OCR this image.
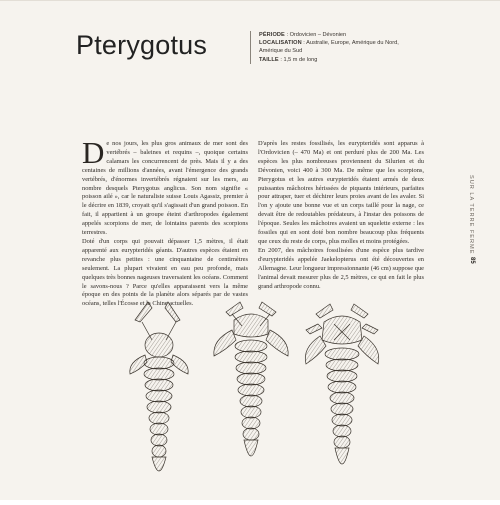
Pterygotus	PÉRIODE : Ordovicien – Dévonien
LOCALISATION : Australie, Europe, Amérique du Nord, Amérique du Sud
TAILLE : 1,5 m de long

De nos jours, les plus gros animaux de mer sont des vertébrés – baleines et requins –, quoique certains calamars les concurrencent de près. Mais il y a des centaines de millions d'années, avant l'émergence des grands vertébrés, d'énormes invertébrés régnaient sur les mers, au nombre desquels Pterygotus anglicus. Son nom signifie « poisson ailé », car le naturaliste suisse Louis Agassiz, premier à le décrire en 1839, croyait qu'il s'agissait d'un grand poisson. En fait, il appartient à un groupe éteint d'arthropodes également appelés scorpions de mer, de lointains parents des scorpions terrestres.

Doté d'un corps qui pouvait dépasser 1,5 mètres, il était apparenté aux eurypteridés géants. D'autres espèces étaient en revanche plus petites : une cinquantaine de centimètres seulement. La plupart vivaient en eau peu profonde, mais quelques très bonnes nageuses traversaient les océans. Comment le savons-nous ? Parce qu'elles apparaissent vers la même époque en des points de la planète alors séparés par de vastes océans, telles l'Écosse et la Chine actuelles.

D'après les restes fossilisés, les eurypteridés sont apparus à l'Ordovicien (– 470 Ma) et ont perduré plus de 200 Ma. Les espèces les plus nombreuses proviennent du Silurien et du Dévonien, voici 400 à 300 Ma. De même que les scorpions, Pterygotus et les autres eurypteridés étaient armés de deux puissantes mâchoires hérissées de piquants intérieurs, parfaites pour attraper, tuer et déchirer leurs proies avant de les avaler. Si l'on y ajoute une bonne vue et un corps taillé pour la nage, ce devait être de redoutables prédateurs, à l'instar des poissons de l'époque. Seules les mâchoires avaient un squelette externe : les fossiles qui en sont doté bon nombre beaucoup plus fréquents que ceux du reste de corps, plus molles et moins protégées.

En 2007, des mâchoires fossilisées d'une espèce plus tardive d'eurypteridés appelée Jaekelopterus ont été découvertes en Allemagne. Leur longueur impressionnante (46 cm) suppose que l'animal devait mesurer plus de 2,5 mètres, ce qui en fait le plus grand arthropode connu.

SUR LA TERRE FERME
85
